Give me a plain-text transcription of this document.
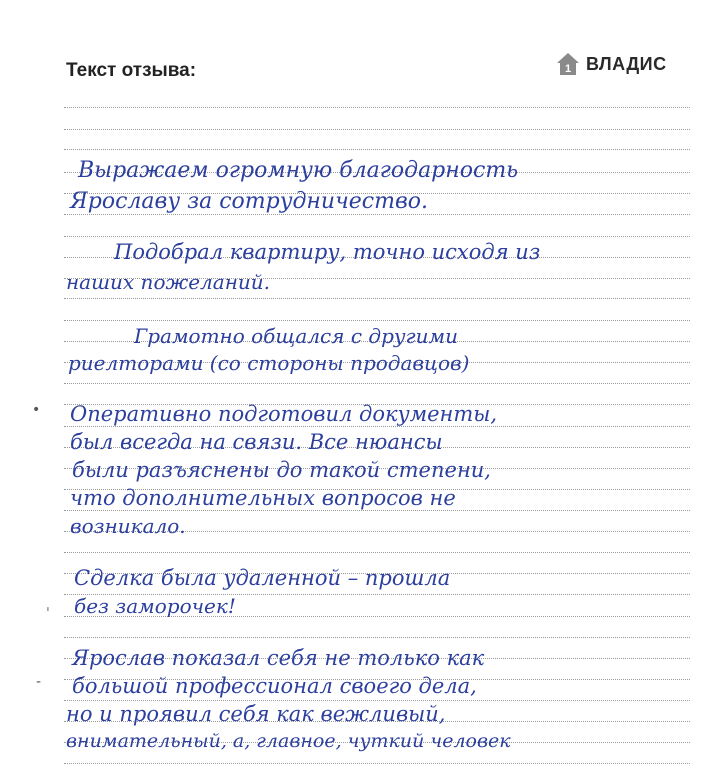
Текст отзыва:	1 ВЛАДИС
Выражаем огромную благодарность
Ярославу за сотрудничество.
Подобрал квартиру, точно исходя из
наших пожеланий.
Грамотно общался с другими
риелторами (со стороны продавцов)
Оперативно подготовил документы,
был всегда на связи. Все нюансы
были разъяснены до такой степени,
что дополнительных вопросов не
возникало.
Сделка была удаленной – прошла
без заморочек!
Ярослав показал себя не только как
большой профессионал своего дела,
но и проявил себя как вежливый,
внимательный, а, главное, чуткий человек
•
ˈ
-
